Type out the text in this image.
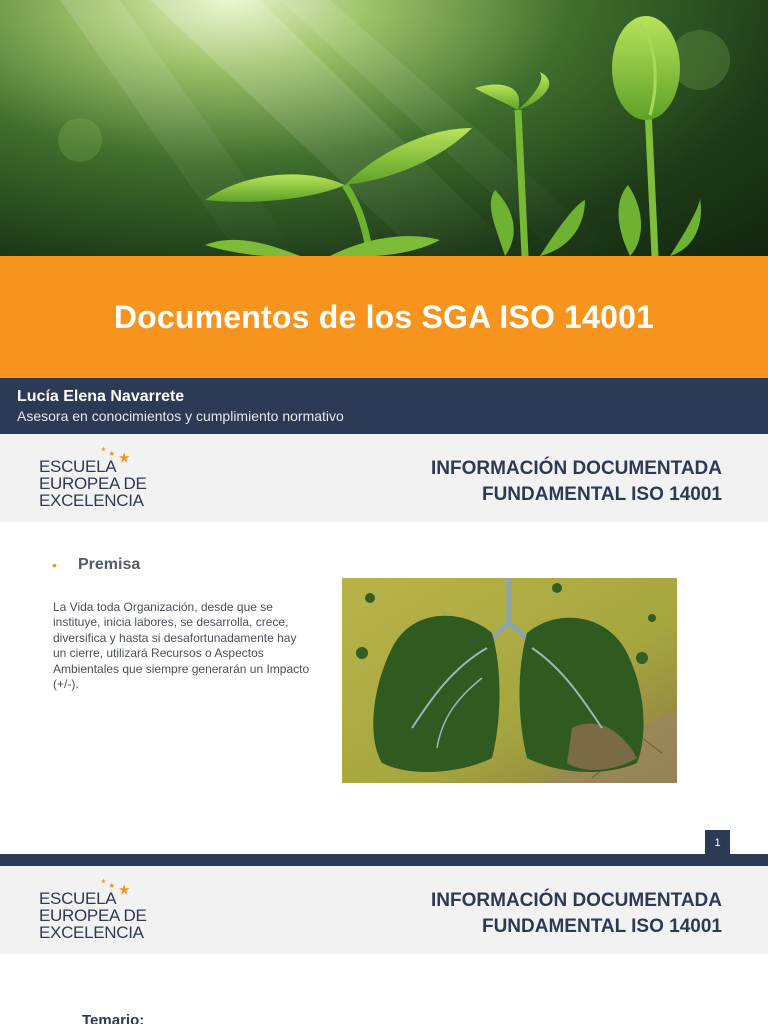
Documentos de los SGA ISO 14001
Lucía Elena Navarrete
Asesora en conocimientos y cumplimiento normativo
ESCUELA
EUROPEA DE
EXCELENCIA
INFORMACIÓN DOCUMENTADA
FUNDAMENTAL ISO 14001
•	Premisa
La Vida toda Organización, desde que se instituye, inicia labores, se desarrolla, crece, diversifica y hasta si desafortunadamente hay un cierre, utilizará Recursos o Aspectos Ambientales que siempre generarán un Impacto (+/-).
1
ESCUELA
EUROPEA DE
EXCELENCIA
INFORMACIÓN DOCUMENTADA
FUNDAMENTAL ISO 14001
Temario:
